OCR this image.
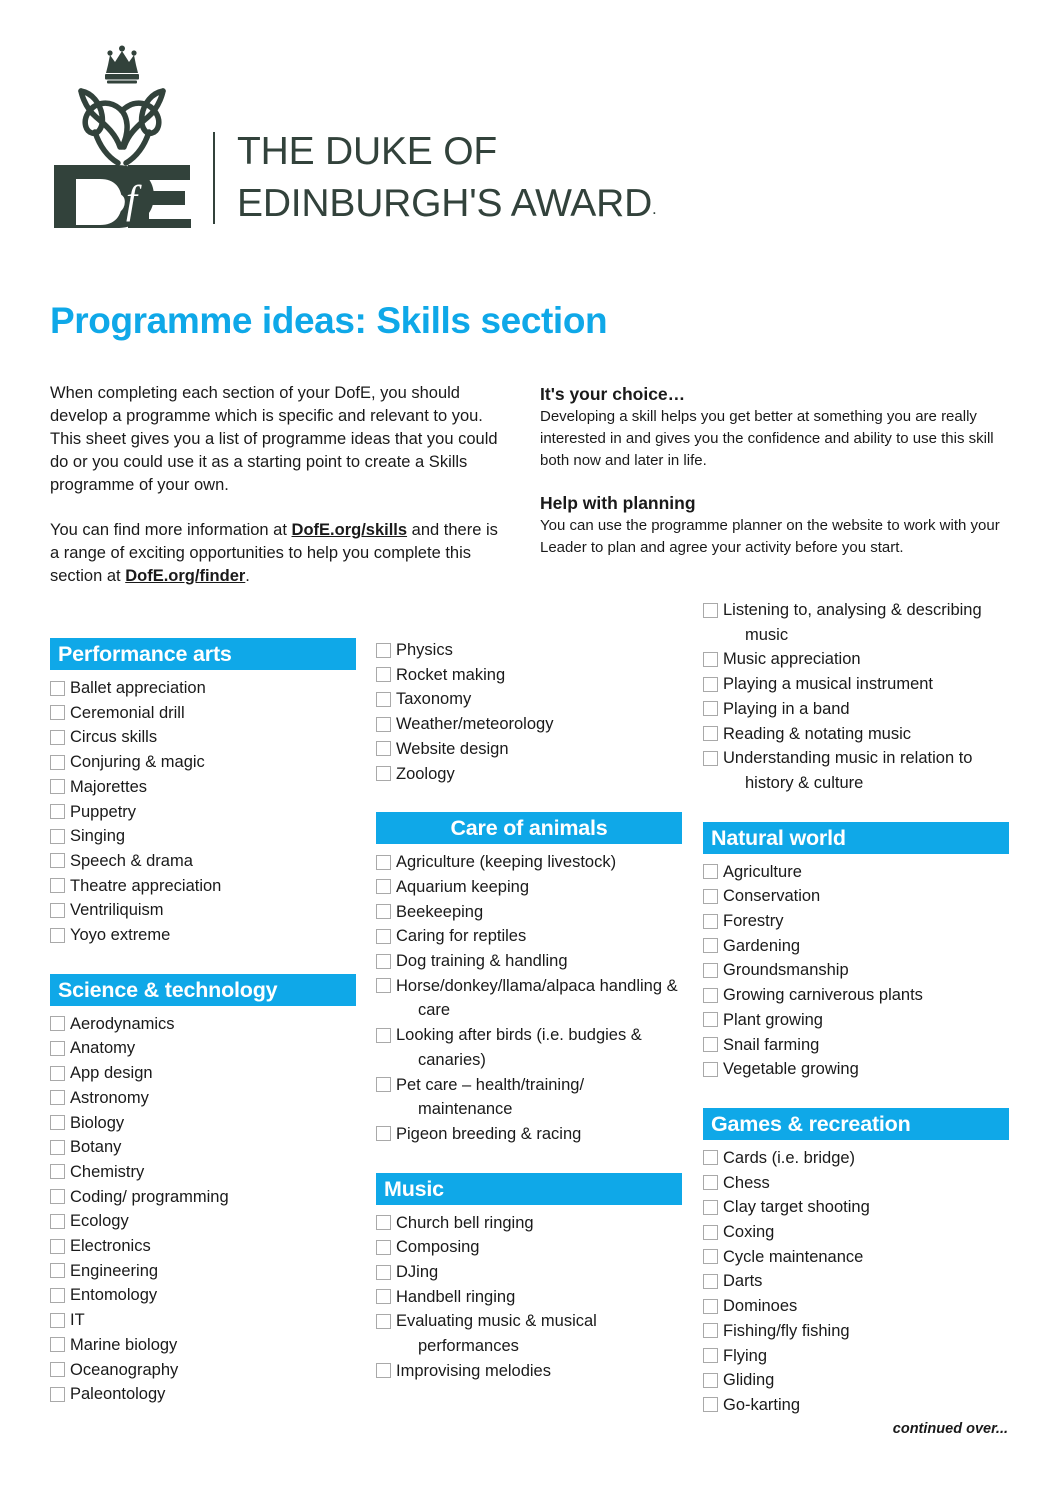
of
THE DUKE OF
EDINBURGH'S AWARD.
Programme ideas: Skills section

When completing each section of your DofE, you should develop a programme which is specific and relevant to you. This sheet gives you a list of programme ideas that you could do or you could use it as a starting point to create a Skills programme of your own.

You can find more information at DofE.org/skills and there is a range of exciting opportunities to help you complete this section at DofE.org/finder.

It's your choice…

Developing a skill helps you get better at something you are really interested in and gives you the confidence and ability to use this skill both now and later in life.

Help with planning

You can use the programme planner on the website to work with your Leader to plan and agree your activity before you start.

Performance arts
Ballet appreciation
Ceremonial drill
Circus skills
Conjuring & magic
Majorettes
Puppetry
Singing
Speech & drama
Theatre appreciation
Ventriliquism
Yoyo extreme
Science & technology
Aerodynamics
Anatomy
App design
Astronomy
Biology
Botany
Chemistry
Coding/ programming
Ecology
Electronics
Engineering
Entomology
IT
Marine biology
Oceanography
Paleontology
Physics
Rocket making
Taxonomy
Weather/meteorology
Website design
Zoology
Care of animals
Agriculture (keeping livestock)
Aquarium keeping
Beekeeping
Caring for reptiles
Dog training & handling
Horse/donkey/llama/alpaca handling & care
Looking after birds (i.e. budgies & canaries)
Pet care – health/training/ maintenance
Pigeon breeding & racing
Music
Church bell ringing
Composing
DJing
Handbell ringing
Evaluating music & musical performances
Improvising melodies
Listening to, analysing & describing music
Music appreciation
Playing a musical instrument
Playing in a band
Reading & notating music
Understanding music in relation to history & culture
Natural world
Agriculture
Conservation
Forestry
Gardening
Groundsmanship
Growing carniverous plants
Plant growing
Snail farming
Vegetable growing
Games & recreation
Cards (i.e. bridge)
Chess
Clay target shooting
Coxing
Cycle maintenance
Darts
Dominoes
Fishing/fly fishing
Flying
Gliding
Go-karting
continued over...
